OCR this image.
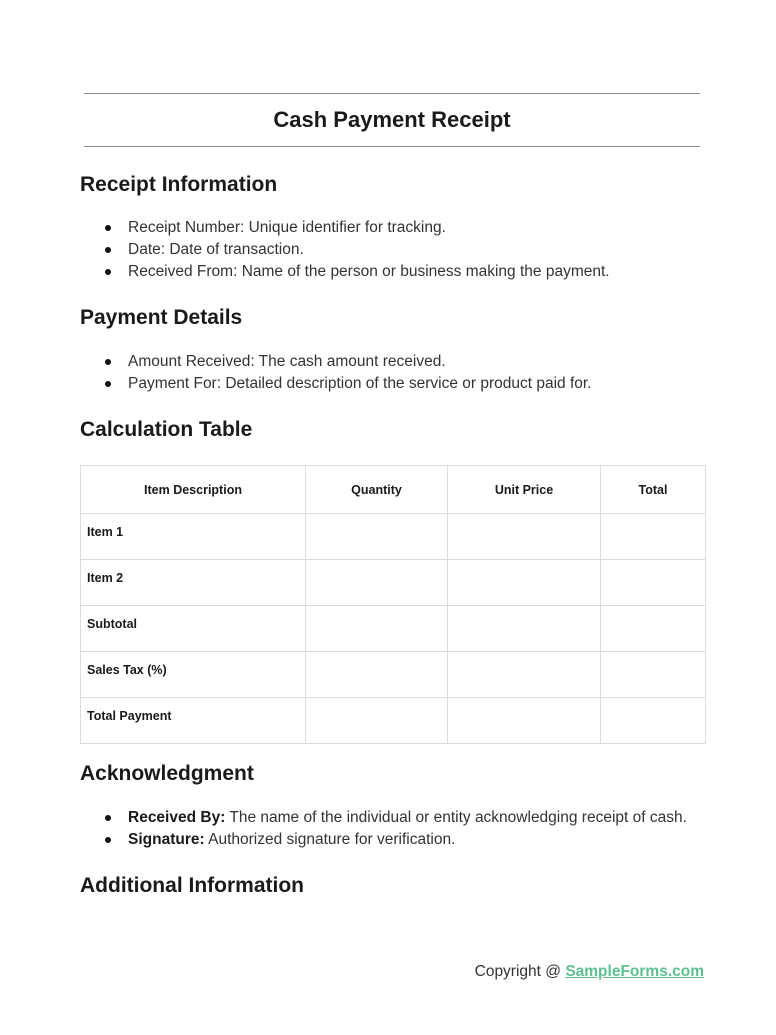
Cash Payment Receipt
Receipt Information
Receipt Number: Unique identifier for tracking.
Date: Date of transaction.
Received From: Name of the person or business making the payment.
Payment Details
Amount Received: The cash amount received.
Payment For: Detailed description of the service or product paid for.
Calculation Table
Item Description	Quantity	Unit Price	Total
Item 1			
Item 2			
Subtotal			
Sales Tax (%)			
Total Payment			
Acknowledgment
Received By: The name of the individual or entity acknowledging receipt of cash.
Signature: Authorized signature for verification.
Additional Information
Copyright @ SampleForms.com
